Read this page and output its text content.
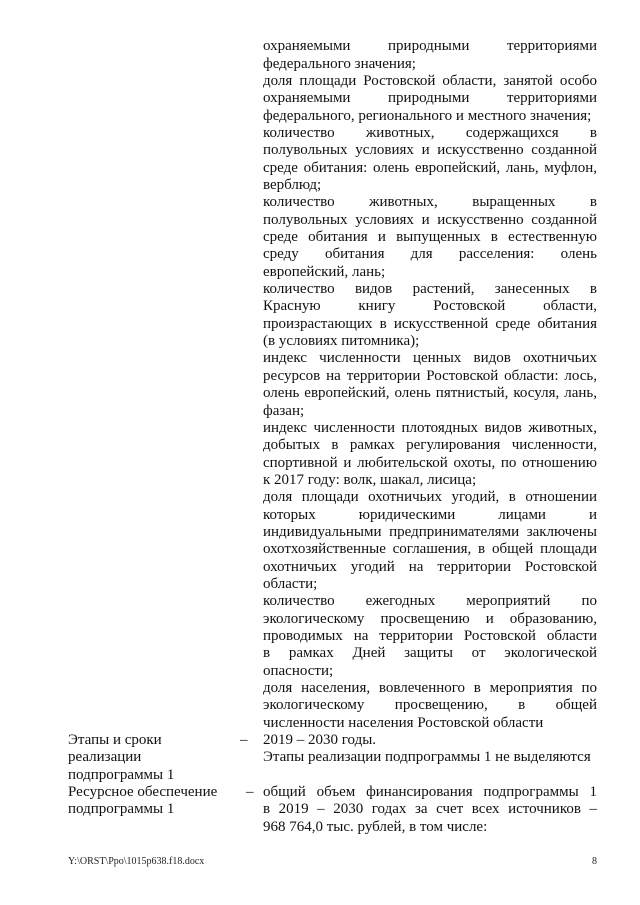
охраняемыми природными территориями
федерального значения;
доля площади Ростовской области, занятой особо
охраняемыми природными территориями
федерального, регионального и местного значения;
количество животных, содержащихся в
полувольных условиях и искусственно созданной
среде обитания: олень европейский, лань, муфлон,
верблюд;
количество животных, выращенных в
полувольных условиях и искусственно созданной
среде обитания и выпущенных в естественную
среду обитания для расселения: олень
европейский, лань;
количество видов растений, занесенных в
Красную книгу Ростовской области,
произрастающих в искусственной среде обитания
(в условиях питомника);
индекс численности ценных видов охотничьих
ресурсов на территории Ростовской области: лось,
олень европейский, олень пятнистый, косуля, лань,
фазан;
индекс численности плотоядных видов животных,
добытых в рамках регулирования численности,
спортивной и любительской охоты, по отношению
к 2017 году: волк, шакал, лисица;
доля площади охотничьих угодий, в отношении
которых юридическими лицами и
индивидуальными предпринимателями заключены
охотхозяйственные соглашения, в общей площади
охотничьих угодий на территории Ростовской
области;
количество ежегодных мероприятий по
экологическому просвещению и образованию,
проводимых на территории Ростовской области
в рамках Дней защиты от экологической
опасности;
доля населения, вовлеченного в мероприятия по
экологическому просвещению, в общей
численности населения Ростовской области
Этапы и сроки
реализации
подпрограммы 1
–	2019 – 2030 годы.
Этапы реализации подпрограммы 1 не выделяются
Ресурсное обеспечение
подпрограммы 1
– общий объем финансирования подпрограммы 1
в 2019 – 2030 годах за счет всех источников –
968 764,0 тыс. рублей, в том числе:
Y:\ORST\Ppo\1015p638.f18.docx	8
